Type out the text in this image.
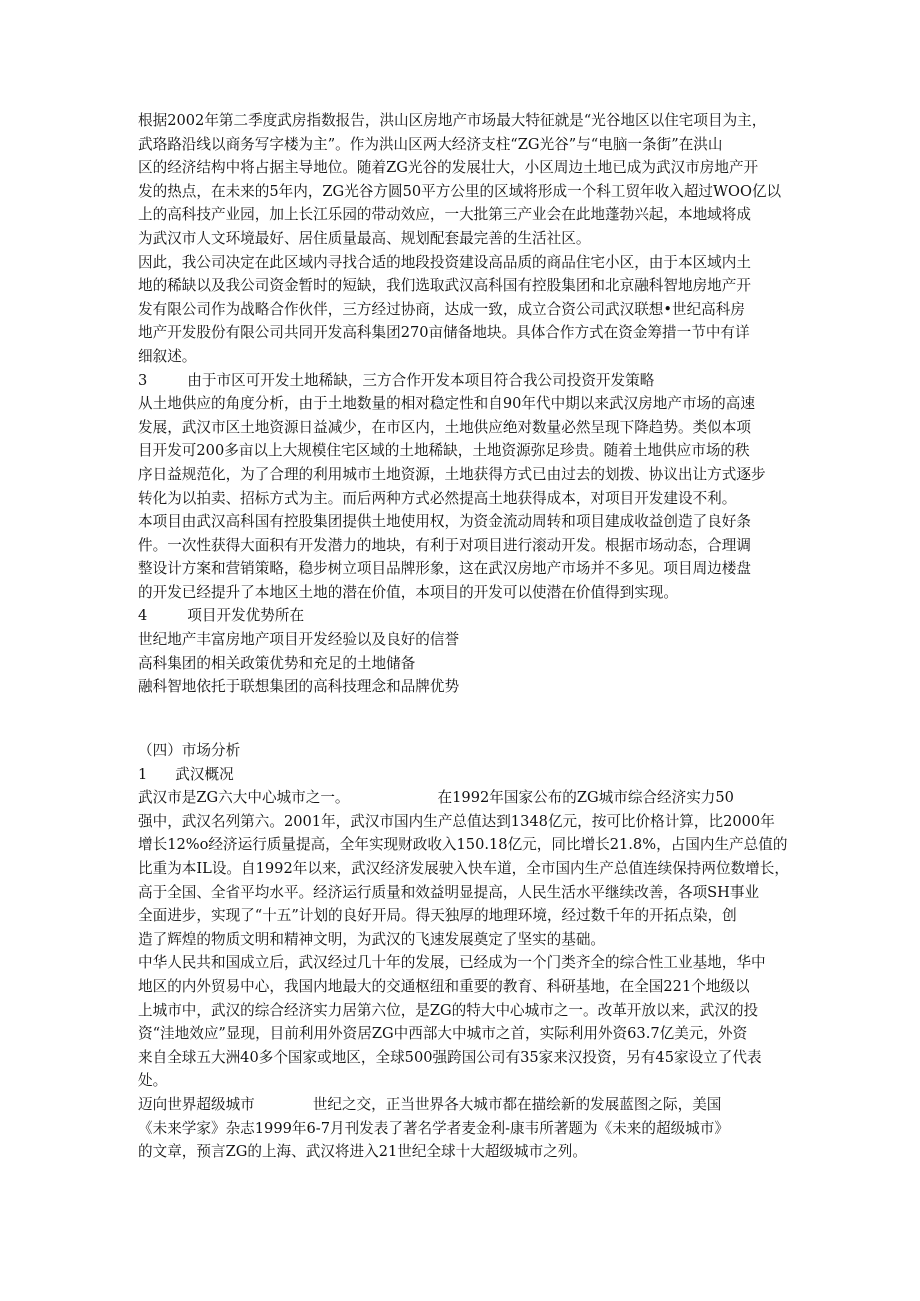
根据2002年第二季度武房指数报告，洪山区房地产市场最大特征就是“光谷地区以住宅项目为主，
武珞路沿线以商务写字楼为主”。作为洪山区两大经济支柱“ZG光谷”与“电脑一条街”在洪山
区的经济结构中将占据主导地位。随着ZG光谷的发展壮大，小区周边土地已成为武汉市房地产开
发的热点，在未来的5年内，ZG光谷方圆50平方公里的区域将形成一个科工贸年收入超过WOO亿以
上的高科技产业园，加上长江乐园的带动效应，一大批第三产业会在此地蓬勃兴起，本地域将成
为武汉市人文环境最好、居住质量最高、规划配套最完善的生活社区。
因此，我公司决定在此区域内寻找合适的地段投资建设高品质的商品住宅小区，由于本区域内土
地的稀缺以及我公司资金暂时的短缺，我们选取武汉高科国有控股集团和北京融科智地房地产开
发有限公司作为战略合作伙伴，三方经过协商，达成一致，成立合资公司武汉联想•世纪高科房
地产开发股份有限公司共同开发高科集团270亩储备地块。具体合作方式在资金筹措一节中有详
细叙述。
3	由于市区可开发土地稀缺，三方合作开发本项目符合我公司投资开发策略
从土地供应的角度分析，由于土地数量的相对稳定性和自90年代中期以来武汉房地产市场的高速
发展，武汉市区土地资源日益减少，在市区内，土地供应绝对数量必然呈现下降趋势。类似本项
目开发可200多亩以上大规模住宅区域的土地稀缺，土地资源弥足珍贵。随着土地供应市场的秩
序日益规范化，为了合理的利用城市土地资源，土地获得方式已由过去的划拨、协议出让方式逐步
转化为以拍卖、招标方式为主。而后两种方式必然提高土地获得成本，对项目开发建设不利。
本项目由武汉高科国有控股集团提供土地使用权，为资金流动周转和项目建成收益创造了良好条
件。一次性获得大面积有开发潜力的地块，有利于对项目进行滚动开发。根据市场动态，合理调
整设计方案和营销策略，稳步树立项目品牌形象，这在武汉房地产市场并不多见。项目周边楼盘
的开发已经提升了本地区土地的潜在价值，本项目的开发可以使潜在价值得到实现。
4	项目开发优势所在
世纪地产丰富房地产项目开发经验以及良好的信誉
高科集团的相关政策优势和充足的土地储备
融科智地依托于联想集团的高科技理念和品牌优势
（四）市场分析
1 武汉概况
武汉市是ZG六大中心城市之一。	在1992年国家公布的ZG城市综合经济实力50
强中，武汉名列第六。2001年，武汉市国内生产总值达到1348亿元，按可比价格计算，比2000年
增长12%o经济运行质量提高，全年实现财政收入150.18亿元，同比增长21.8%，占国内生产总值的
比重为本IL设。自1992年以来，武汉经济发展驶入快车道，全市国内生产总值连续保持两位数增长，
高于全国、全省平均水平。经济运行质量和效益明显提高，人民生活水平继续改善，各项SH事业
全面进步，实现了“十五”计划的良好开局。得天独厚的地理环境，经过数千年的开拓点染，创
造了辉煌的物质文明和精神文明，为武汉的飞速发展奠定了坚实的基础。
中华人民共和国成立后，武汉经过几十年的发展，已经成为一个门类齐全的综合性工业基地，华中
地区的内外贸易中心，我国内地最大的交通枢纽和重要的教育、科研基地，在全国221个地级以
上城市中，武汉的综合经济实力居第六位，是ZG的特大中心城市之一。改革开放以来，武汉的投
资“洼地效应”显现，目前利用外资居ZG中西部大中城市之首，实际利用外资63.7亿美元，外资
来自全球五大洲40多个国家或地区，全球500强跨国公司有35家来汉投资，另有45家设立了代表
处。
迈向世界超级城市	世纪之交，正当世界各大城市都在描绘新的发展蓝图之际，美国
《未来学家》杂志1999年6-7月刊发表了著名学者麦金利-康韦所著题为《未来的超级城市》
的文章，预言ZG的上海、武汉将进入21世纪全球十大超级城市之列。
